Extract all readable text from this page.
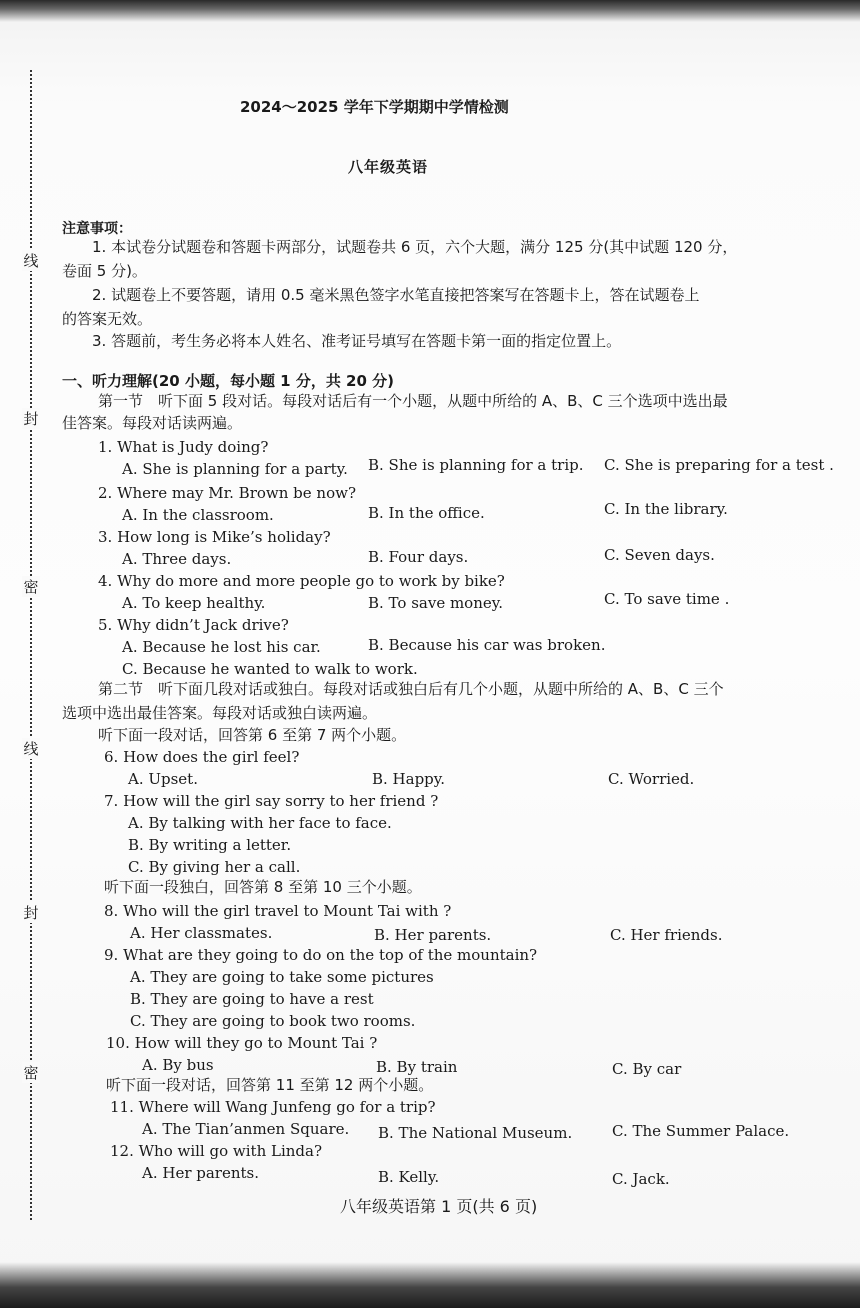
线
封
密
线
封
密
2024～2025 学年下学期期中学情检测
八年级英语
注意事项：
1. 本试卷分试题卷和答题卡两部分，试题卷共 6 页，六个大题，满分 125 分(其中试题 120 分，
卷面 5 分)。
2. 试题卷上不要答题，请用 0.5 毫米黑色签字水笔直接把答案写在答题卡上，答在试题卷上
的答案无效。
3. 答题前，考生务必将本人姓名、准考证号填写在答题卡第一面的指定位置上。
一、听力理解(20 小题，每小题 1 分，共 20 分)
第一节　听下面 5 段对话。每段对话后有一个小题，从题中所给的 A、B、C 三个选项中选出最
佳答案。每段对话读两遍。
1. What is Judy doing?
A. She is planning for a party. B. She is planning for a trip. C. She is preparing for a test .
2. Where may Mr. Brown be now?
A. In the classroom.	B. In the office.	C. In the library.
3. How long is Mike’s holiday?
A. Three days.	B. Four days.	C. Seven days.
4. Why do more and more people go to work by bike?
A. To keep healthy.	B. To save money.	C. To save time .
5. Why didn’t Jack drive?
A. Because he lost his car.	B. Because his car was broken.
C. Because he wanted to walk to work.
第二节　听下面几段对话或独白。每段对话或独白后有几个小题，从题中所给的 A、B、C 三个
选项中选出最佳答案。每段对话或独白读两遍。
听下面一段对话，回答第 6 至第 7 两个小题。
6. How does the girl feel?
A. Upset.	B. Happy.	C. Worried.
7. How will the girl say sorry to her friend ?
A. By talking with her face to face.
B. By writing a letter.
C. By giving her a call.
听下面一段独白，回答第 8 至第 10 三个小题。
8. Who will the girl travel to Mount Tai with ?
A. Her classmates.	B. Her parents.	C. Her friends.
9. What are they going to do on the top of the mountain?
A. They are going to take some pictures
B. They are going to have a rest
C. They are going to book two rooms.
10. How will they go to Mount Tai ?
A. By bus	B. By train	C. By car
听下面一段对话，回答第 11 至第 12 两个小题。
11. Where will Wang Junfeng go for a trip?
A. The Tian’anmen Square. B. The National Museum.	C. The Summer Palace.
12. Who will go with Linda?
A. Her parents.	B. Kelly.	C. Jack.
八年级英语第 1 页(共 6 页)
